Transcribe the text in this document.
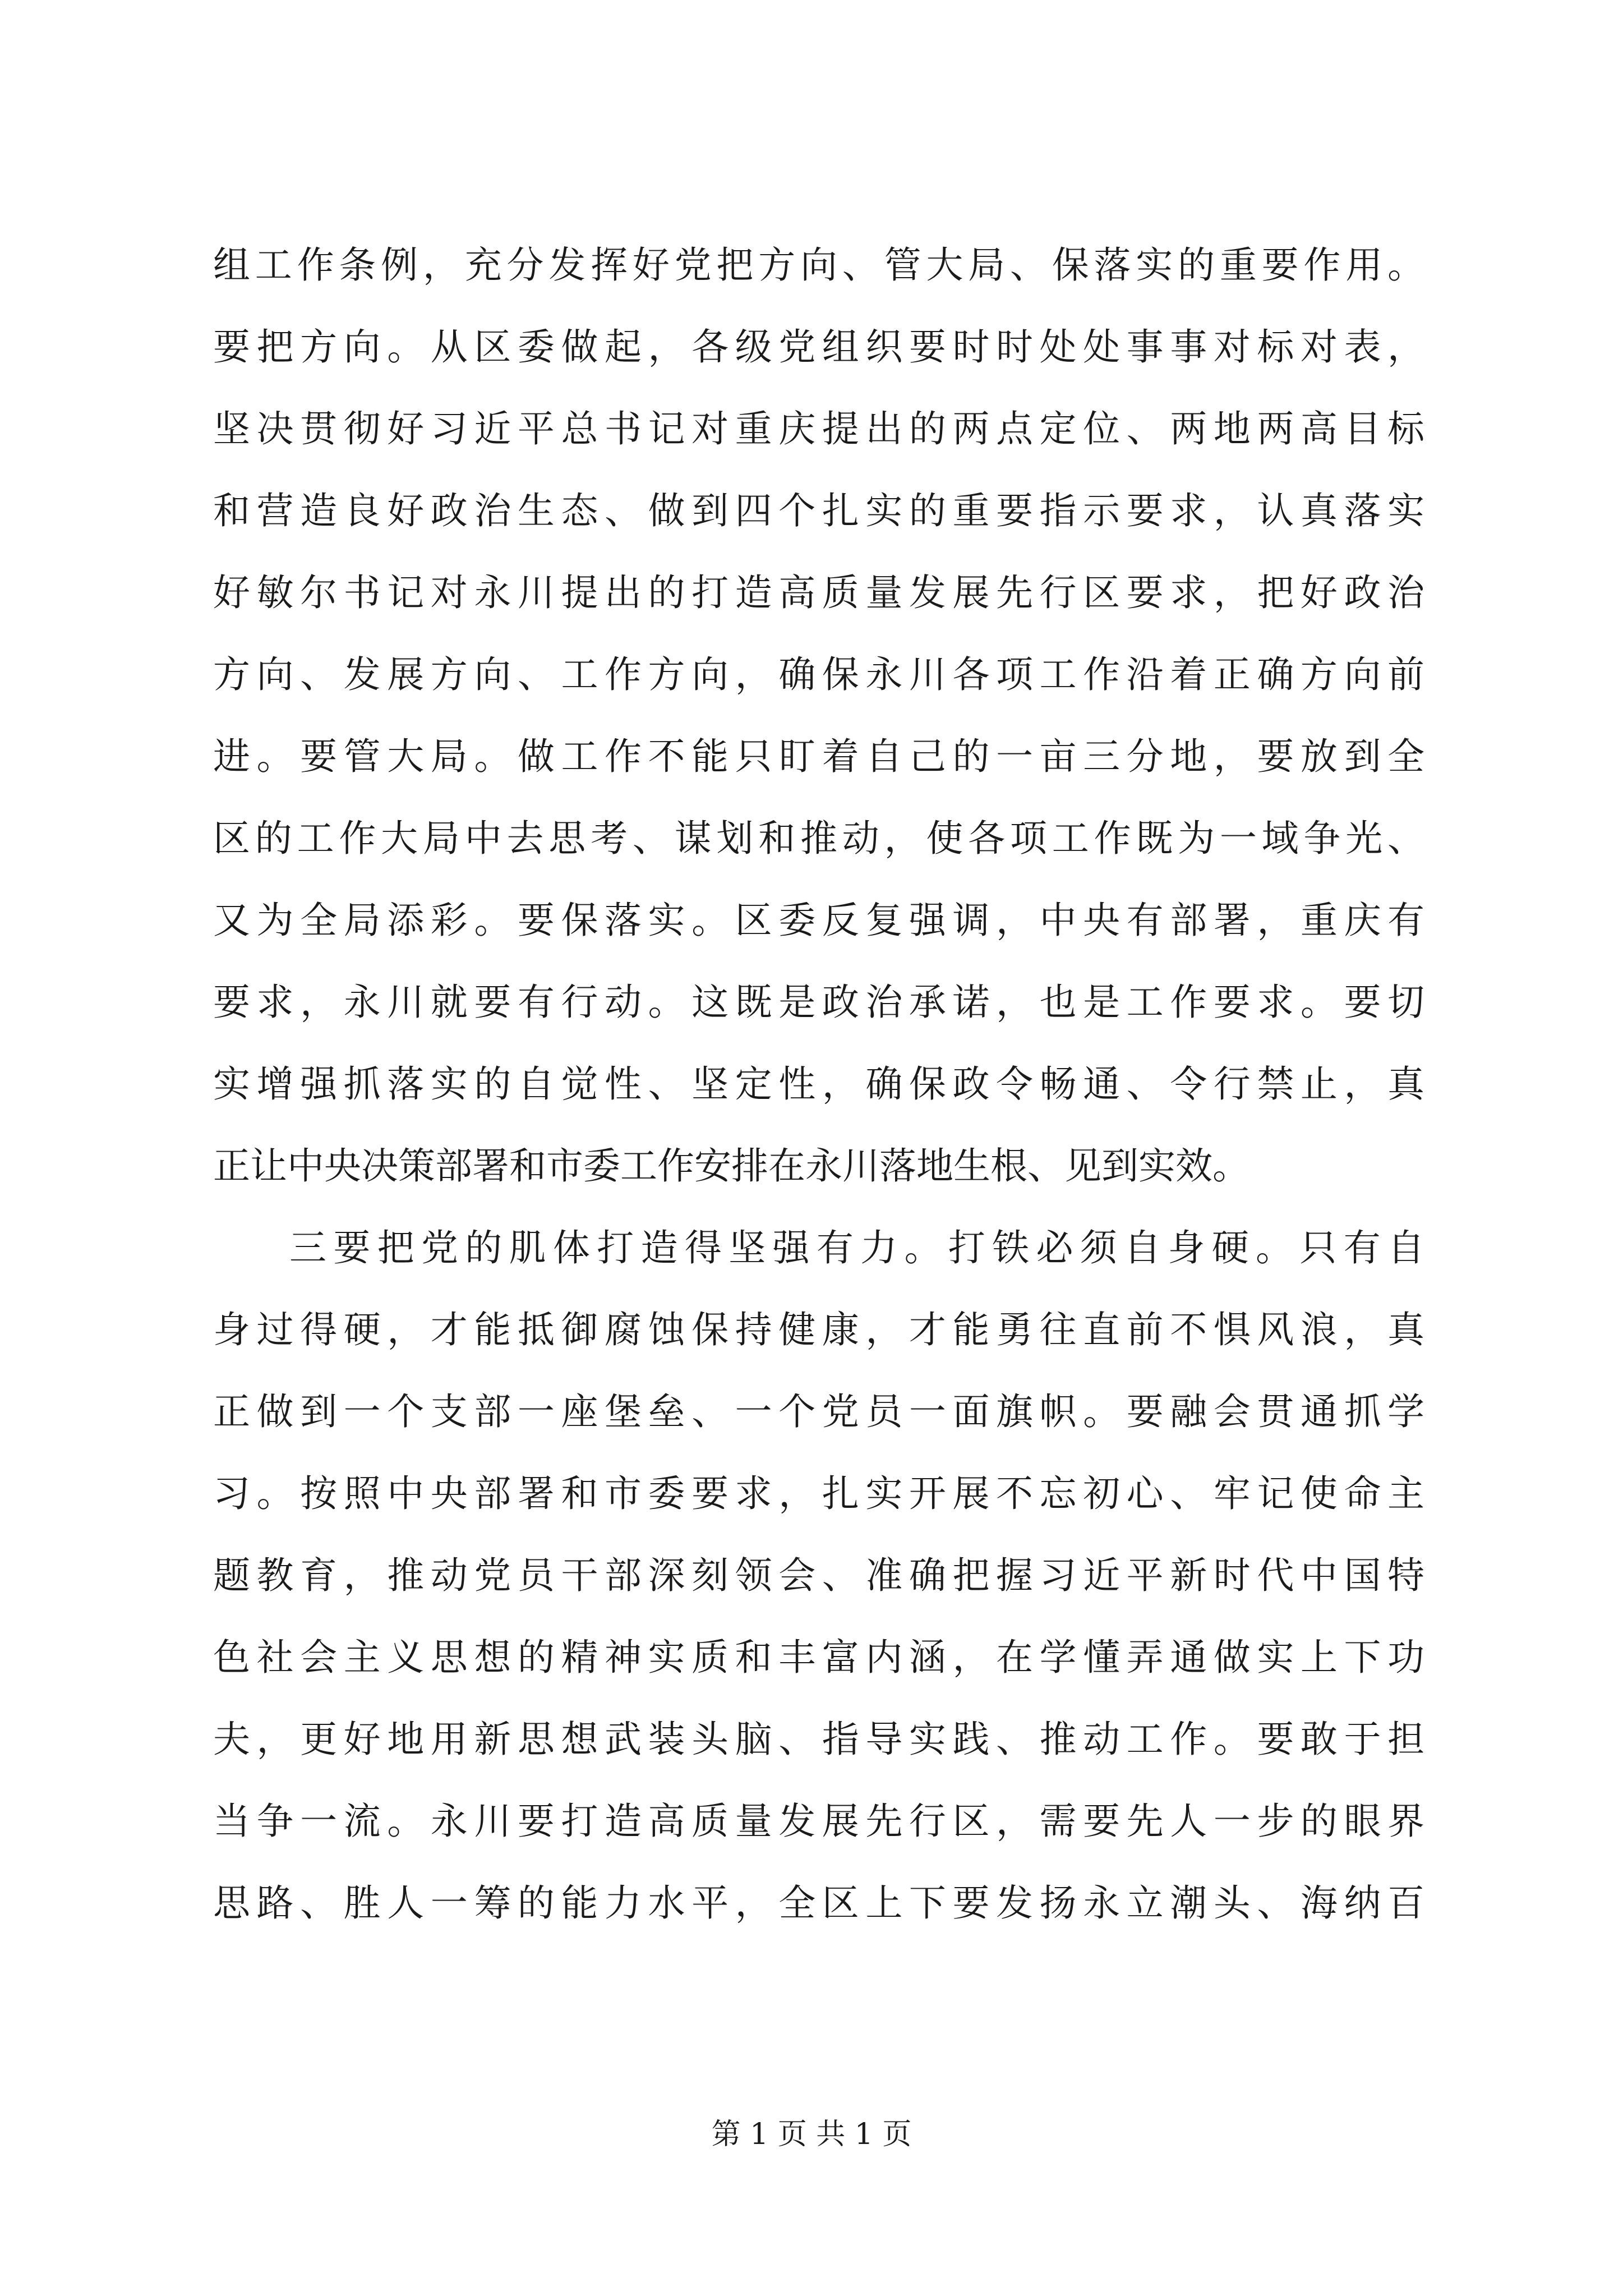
组工作条例，充分发挥好党把方向、管大局、保落实的重要作用。
要把方向。从区委做起，各级党组织要时时处处事事对标对表，
坚决贯彻好习近平总书记对重庆提出的两点定位、两地两高目标
和营造良好政治生态、做到四个扎实的重要指示要求，认真落实
好敏尔书记对永川提出的打造高质量发展先行区要求，把好政治
方向、发展方向、工作方向，确保永川各项工作沿着正确方向前
进。要管大局。做工作不能只盯着自己的一亩三分地，要放到全
区的工作大局中去思考、谋划和推动，使各项工作既为一域争光、
又为全局添彩。要保落实。区委反复强调，中央有部署，重庆有
要求，永川就要有行动。这既是政治承诺，也是工作要求。要切
实增强抓落实的自觉性、坚定性，确保政令畅通、令行禁止，真
正让中央决策部署和市委工作安排在永川落地生根、见到实效。
三要把党的肌体打造得坚强有力。打铁必须自身硬。只有自
身过得硬，才能抵御腐蚀保持健康，才能勇往直前不惧风浪，真
正做到一个支部一座堡垒、一个党员一面旗帜。要融会贯通抓学
习。按照中央部署和市委要求，扎实开展不忘初心、牢记使命主
题教育，推动党员干部深刻领会、准确把握习近平新时代中国特
色社会主义思想的精神实质和丰富内涵，在学懂弄通做实上下功
夫，更好地用新思想武装头脑、指导实践、推动工作。要敢于担
当争一流。永川要打造高质量发展先行区，需要先人一步的眼界
思路、胜人一筹的能力水平，全区上下要发扬永立潮头、海纳百
第 1 页 共 1 页
